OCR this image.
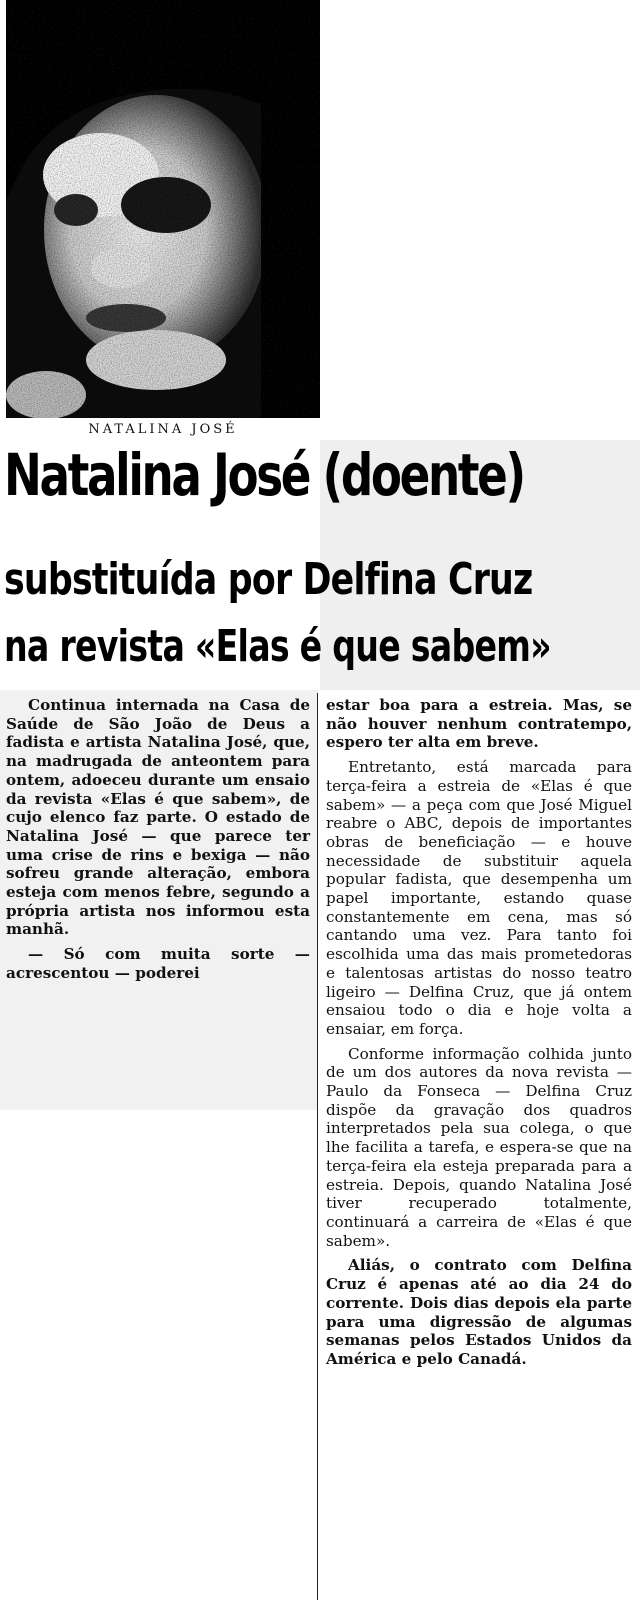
NATALINA JOSÉ
Natalina José (doente)
substituída por Delfina Cruz
na revista «Elas é que sabem»

Continua internada na Casa de Saúde de São João de Deus a fadista e artista Natalina José, que, na madrugada de anteontem para ontem, adoeceu durante um ensaio da revista «Elas é que sabem», de cujo elenco faz parte. O estado de Natalina José — que parece ter uma crise de rins e bexiga — não sofreu grande alteração, embora esteja com menos febre, segundo a própria artista nos informou esta manhã.

— Só com muita sorte — acrescentou — poderei

estar boa para a estreia. Mas, se não houver nenhum contratempo, espero ter alta em breve.

Entretanto, está marcada para terça-feira a estreia de «Elas é que sabem» — a peça com que José Miguel reabre o ABC, depois de importantes obras de beneficiação — e houve necessidade de substituir aquela popular fadista, que desempenha um papel importante, estando quase constantemente em cena, mas só cantando uma vez. Para tanto foi escolhida uma das mais prometedoras e talentosas artistas do nosso teatro ligeiro — Delfina Cruz, que já ontem ensaiou todo o dia e hoje volta a ensaiar, em força.

Conforme informação colhida junto de um dos autores da nova revista — Paulo da Fonseca — Delfina Cruz dispõe da gravação dos quadros interpretados pela sua colega, o que lhe facilita a tarefa, e espera-se que na terça-feira ela esteja preparada para a estreia. Depois, quando Natalina José tiver recuperado totalmente, continuará a carreira de «Elas é que sabem».

Aliás, o contrato com Delfina Cruz é apenas até ao dia 24 do corrente. Dois dias depois ela parte para uma digressão de algumas semanas pelos Estados Unidos da América e pelo Canadá.
